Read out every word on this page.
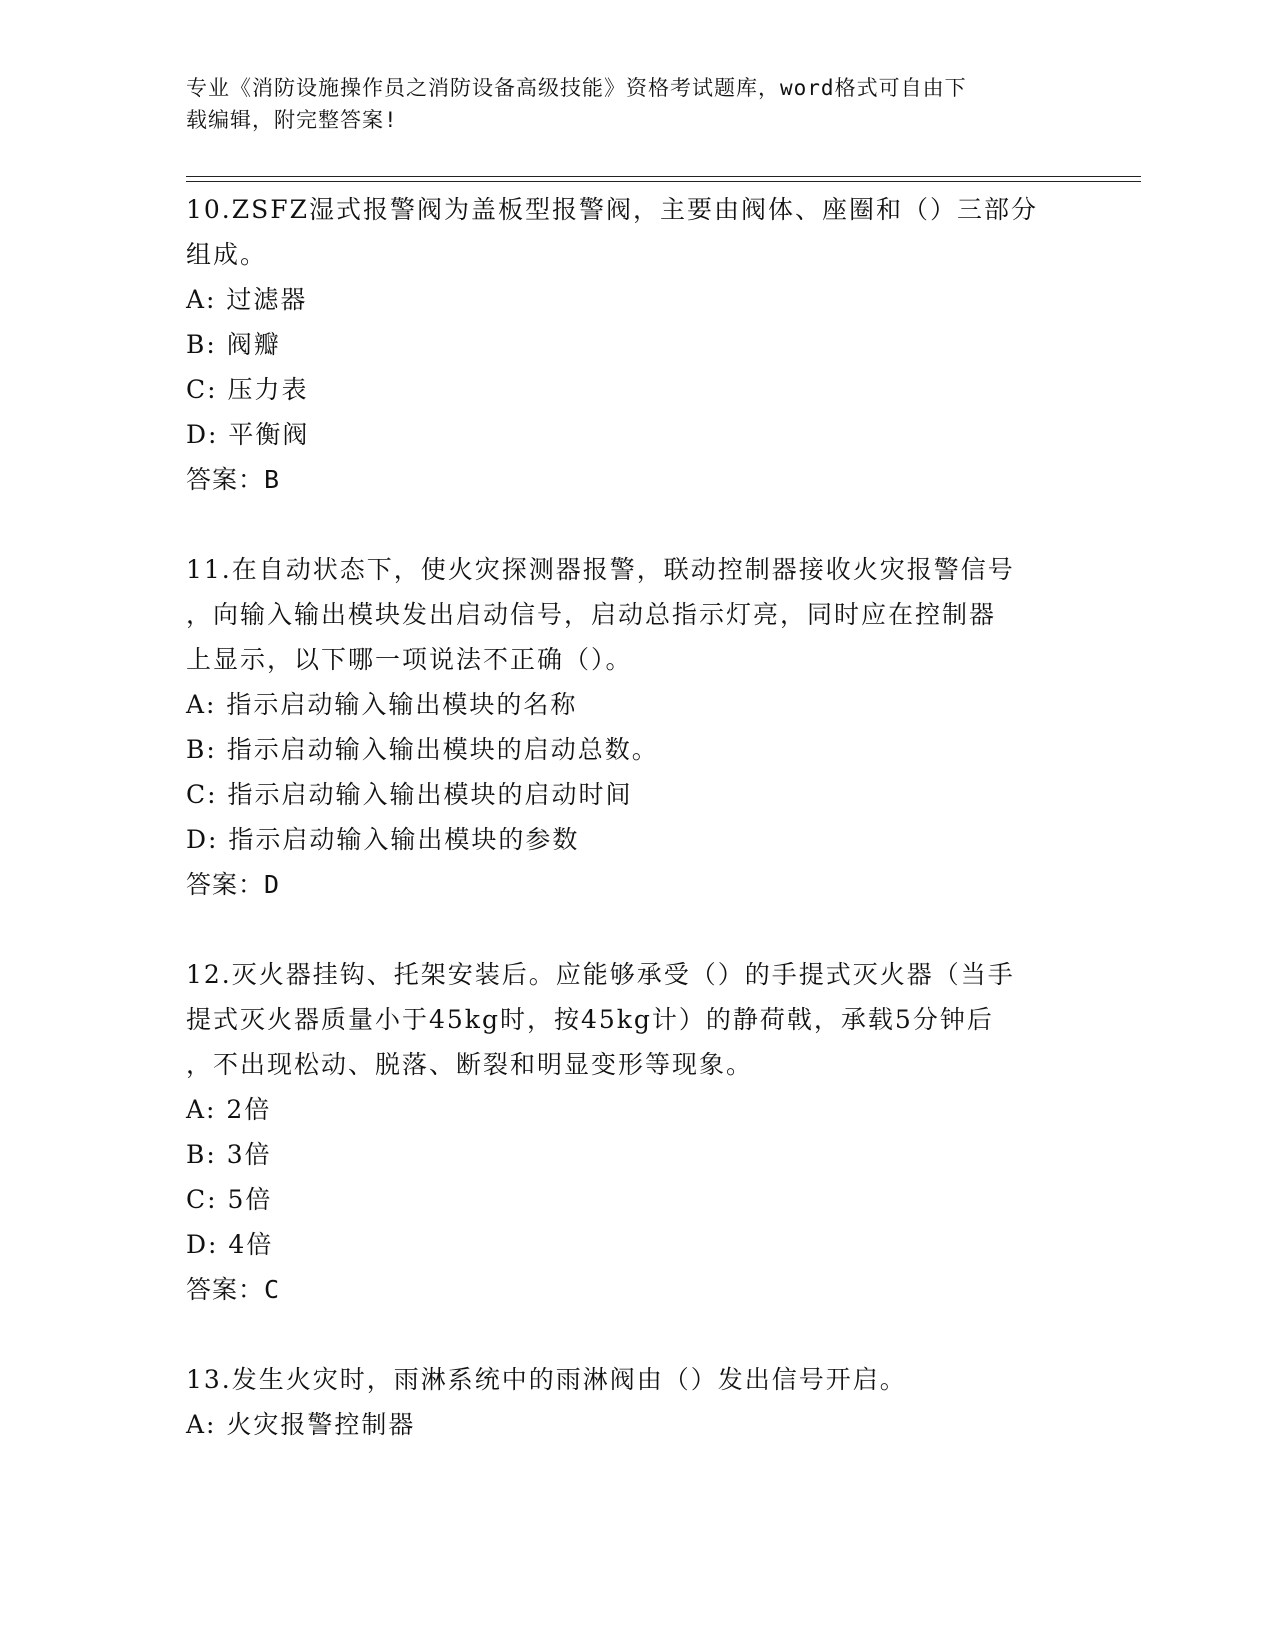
专业《消防设施操作员之消防设备高级技能》资格考试题库，word格式可自由下

载编辑，附完整答案!

10.ZSFZ湿式报警阀为盖板型报警阀，主要由阀体、座圈和（）三部分

组成。

A: 过滤器

B: 阀瓣

C: 压力表

D: 平衡阀

答案：B

11.在自动状态下，使火灾探测器报警，联动控制器接收火灾报警信号

，向输入输出模块发出启动信号，启动总指示灯亮，同时应在控制器

上显示，以下哪一项说法不正确（）。

A: 指示启动输入输出模块的名称

B: 指示启动输入输出模块的启动总数。

C: 指示启动输入输出模块的启动时间

D: 指示启动输入输出模块的参数

答案：D

12.灭火器挂钩、托架安装后。应能够承受（）的手提式灭火器（当手

提式灭火器质量小于45kg时，按45kg计）的静荷戟，承载5分钟后

，不出现松动、脱落、断裂和明显变形等现象。

A: 2倍

B: 3倍

C: 5倍

D: 4倍

答案：C

13.发生火灾时，雨淋系统中的雨淋阀由（）发出信号开启。

A: 火灾报警控制器
